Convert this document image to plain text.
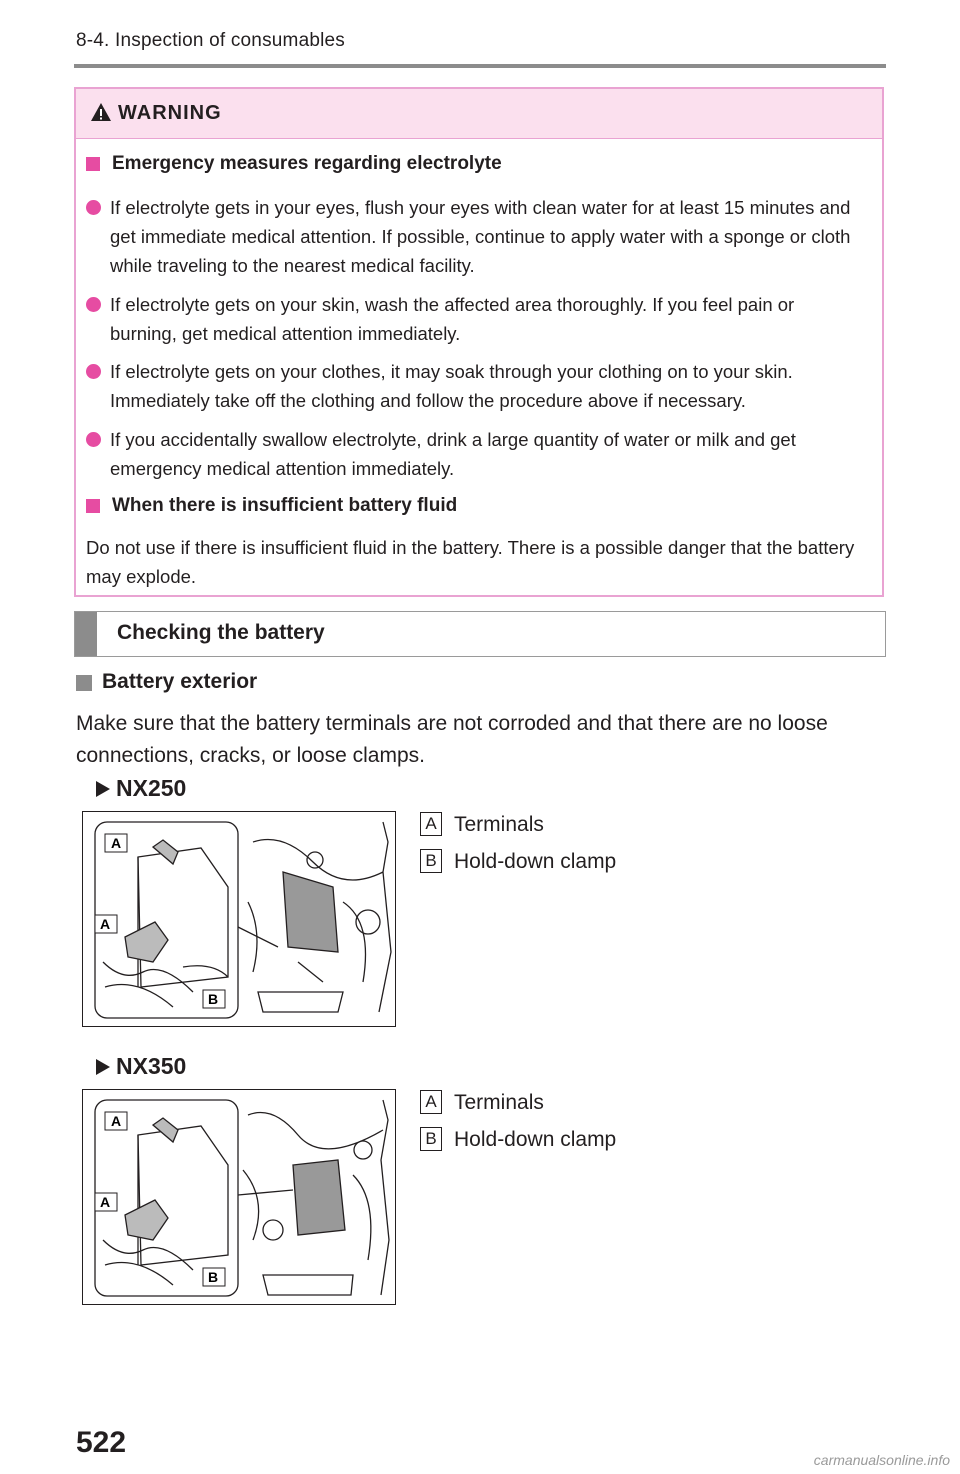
8-4. Inspection of consumables
WARNING
Emergency measures regarding electrolyte
If electrolyte gets in your eyes, flush your eyes with clean water for at least 15 minutes and get immediate medical attention. If possible, continue to apply water with a sponge or cloth while traveling to the nearest medical facility.
If electrolyte gets on your skin, wash the affected area thoroughly. If you feel pain or burning, get medical attention immediately.
If electrolyte gets on your clothes, it may soak through your clothing on to your skin. Immediately take off the clothing and follow the procedure above if necessary.
If you accidentally swallow electrolyte, drink a large quantity of water or milk and get emergency medical attention immediately.
When there is insufficient battery fluid
Do not use if there is insufficient fluid in the battery. There is a possible danger that the battery may explode.
Checking the battery
Battery exterior
Make sure that the battery terminals are not corroded and that there are no loose connections, cracks, or loose clamps.
NX250
A Terminals
B Hold-down clamp
A
A
B
NX350
A Terminals
B Hold-down clamp
A
A
B
522
carmanualsonline.info
